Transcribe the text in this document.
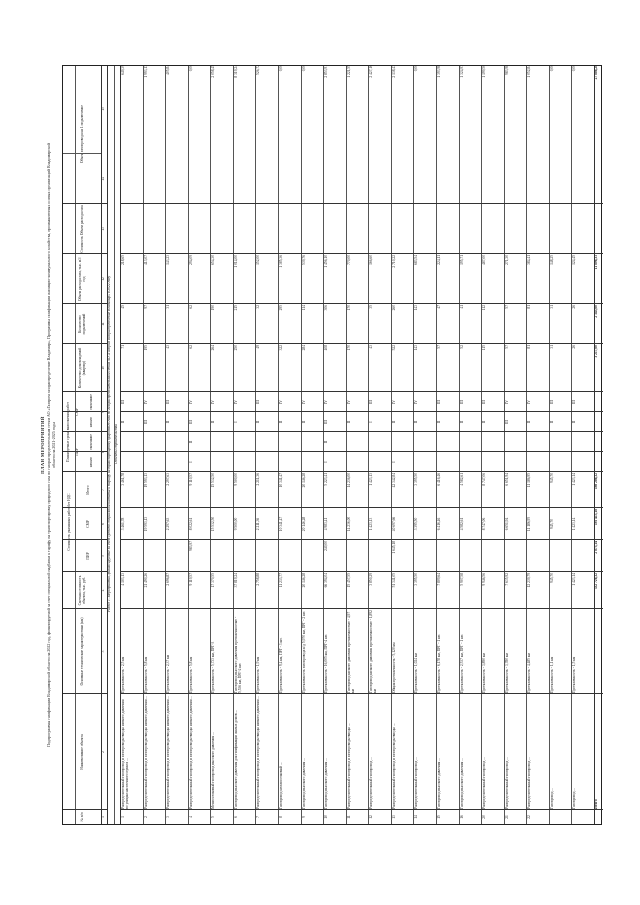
ПЛАН МЕРОПРИЯТИЙ Подпрограммы газификации Владимирской области на 2022 год, финансируемой за счет специальной надбавки к тарифу на транспортировку природного газа по газораспределительным сетям АО «Газпром газораспределение Владимир», Программы газификации жилищно-коммунального хозяйства, промышленных и иных организаций Владимирской области на 2021-2025 годы
№ п/п
Наименование объекта
Основные технические характеристики (км)
Сметная стоимость объекта, тыс. руб.
Стоимость указанных работ без НДС
ПИР
СМР
Итого
Планируемые сроки выполнения работ	ПИР
СМР
начало
окончание
начало
окончание
Количество домовладений (квартир)
Количество подключений
Объем расхода газа, тыс. м3/год
Стоимость Объем расхода газа
Объем газопровода на 1 подключение
1
2
3
4
5
6
7
8
9
10
11
12
13
14
15
Раздел 1. Мероприятия, финансируемые за счет средств специальной надбавки к тарифу на транспортировку природного газа по газораспределительным сетям АО «Газпром газораспределение Владимир» в 2022 году Объекты строительства
1
Распределительный газопровод и газопроводы-вводы низкого давления по улицам населенного пункта ...
Протяженность - 2,5 км
4 103,13
3 461,78
3 461,78
II
III
71
45
218,65
649,39
2
Распределительный газопровод и газопроводы-вводы низкого давления ...
Протяженность - 5,8 км
21 490,26
19 593,13
19 593,13
III
IV
195
97
413,07
1 993,13
3
Распределительный газопровод и газопроводы-вводы низкого давления ...
Протяженность - 2,37 км
2 696,87
2 297,63
2 297,63
II
III
43
31
143,23
405,84
4
Распределительный газопровод и газопроводы-вводы низкого давления ...
Протяженность - 5,8 км
9 119,57
983,97
8 022,61
9 110,57
I
II
III
IV
62
62
294,09
0,00
5
Межпоселковый газопровод высокого давления ...
Протяженность - 5,733 км, ПРГ-3
17 370,55
15 532,50
15 532,50
II
IV
264
190
654,30
2 058,45
6
Газопровод высокого давления для газификации жилых домов ...
Газопровод высокого давления протяженностью - 5,536 км, ПРГ-2 шт.
37 819,24
9 500,00
9 500,00
I
IV
250
215
1 014,00
8 319,24
7
Распределительный газопровод и газопроводы-вводы низкого давления ...
Протяженность - 1,9 км
2 758,88
2 211,36
2 211,36
II
III
49
32
152,00
526,72
8
Газопровод межпоселковый ...
Протяженность - 9,4 км, ПРГ - 3 шт.
11 233,77
10 341,47
10 341,47
II
IV
322
295
1 385,36
0,00
9
Газопровод высокого давления ...
Протяженность газопровода н/д 5,970 км, ПРГ - 2 шт.
20 146,28
20 146,28
20 146,28
II
IV
284
114
539,76
0,00
10
Газопровод высокого давления ...
Протяженность - 16,005 км, ПРГ-4 шт.
66 394,04
240,00
4 983,41
5 223,41
I
II
III
IV
408
306
1 456,10
2 853,91
11
Распределительный газопровод и газопроводы-вводы ...
Газопровод низкого давления протяженностью - 4,97 км
15 457,55
14 236,00
14 236,00
II
IV
170
170
770,00
1 221,55
12
Распределительный газопровод ...
Газопровод низкого давления протяженностью - 1,892 км
3 850,29
1 423,13
1 423,13
I
III
43
35
166,60
2 427,16
13
Распределительный газопровод и газопроводы-вводы ...
Общая протяженность - 5,120 км
51 341,05
1 645,18
40 697,66
42 342,84
I
II
IV
522
260
2 710,22
2 138,43
14
Распределительный газопровод ...
Протяженность - 1,024 км
3 395,50
3 395,50
3 395,50
II
IV
143
143
683,54
0,00
15
Газопровод высокого давления ...
Протяженность - 6,178 км, ПРГ - 1 шт.
7 809,64
6 416,46
6 416,46
II
III
57
47
224,11
1 393,98
16
Газопровод высокого давления ...
Протяженность - 2,537 км, ПРГ - 1 шт.
5 907,58
4 582,61
4 582,61
II
III
52
41
195,71
1 324,97
20
Распределительный газопровод ...
Протяженность - 3,890 км
9 946,56
8 747,06
8 747,06
II
III
115
112
487,00
1 199,50
21
Распределительный газопровод ...
Протяженность - 3,780 км
7 635,92
6 651,94
6 651,94
III
IV
57
57
271,30
983,98
22
Распределительный газопровод ...
Протяженность - 4,485 км
12 239,79
11 186,95
11 186,95
II
IV
81
81
384,41
1 052,84
Газопровод ...
Протяженность - 1,1 км
945,70
945,70
945,70
II
III
31
31
148,25
0,00
Газопровод ...
Протяженность - 1,5 км
1 423,14
1 423,14
1 423,14
II
III
26
26
124,45
0,00
Итого
332 726,32
2 873,14
195 413,18
198 286,32
3 217,00
2 343,00
11 896,33
27 886,28
